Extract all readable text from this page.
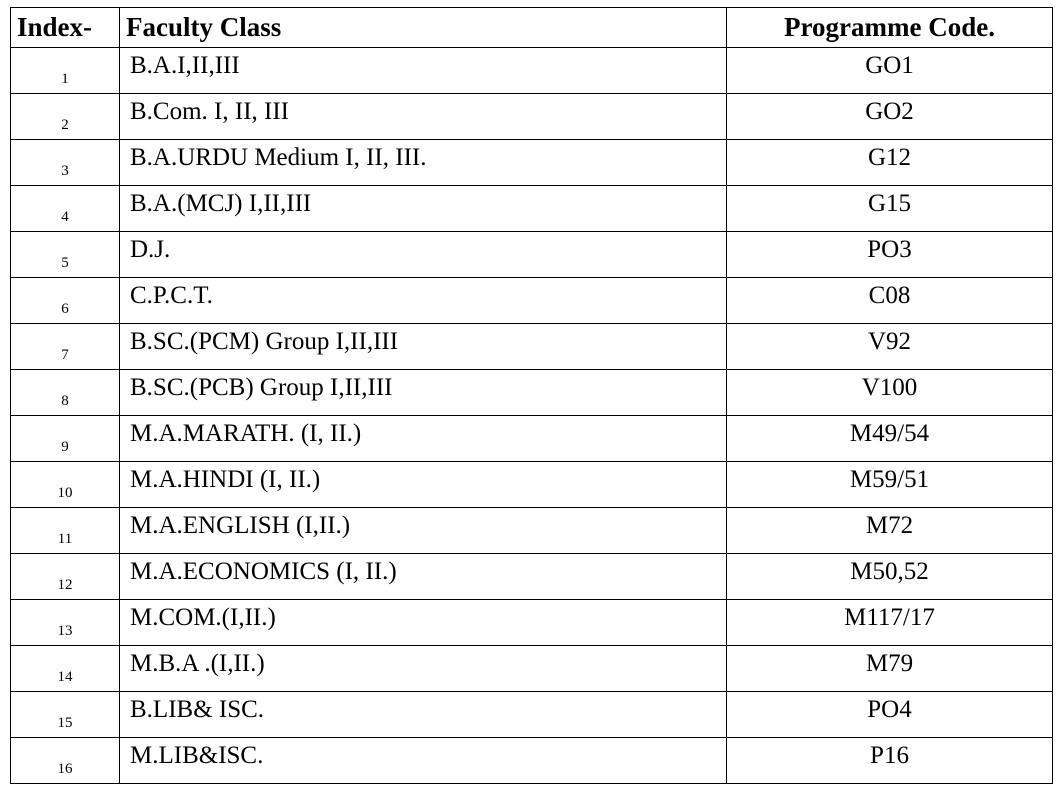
Index-	Faculty Class	Programme Code.
1	B.A.I,II,III	GO1
2	B.Com. I, II, III	GO2
3	B.A.URDU Medium I, II, III.	G12
4	B.A.(MCJ) I,II,III	G15
5	D.J.	PO3
6	C.P.C.T.	C08
7	B.SC.(PCM) Group I,II,III	V92
8	B.SC.(PCB) Group I,II,III	V100
9	M.A.MARATH. (I, II.)	M49/54
10	M.A.HINDI (I, II.)	M59/51
11	M.A.ENGLISH (I,II.)	M72
12	M.A.ECONOMICS (I, II.)	M50,52
13	M.COM.(I,II.)	M117/17
14	M.B.A .(I,II.)	M79
15	B.LIB& ISC.	PO4
16	M.LIB&ISC.	P16
